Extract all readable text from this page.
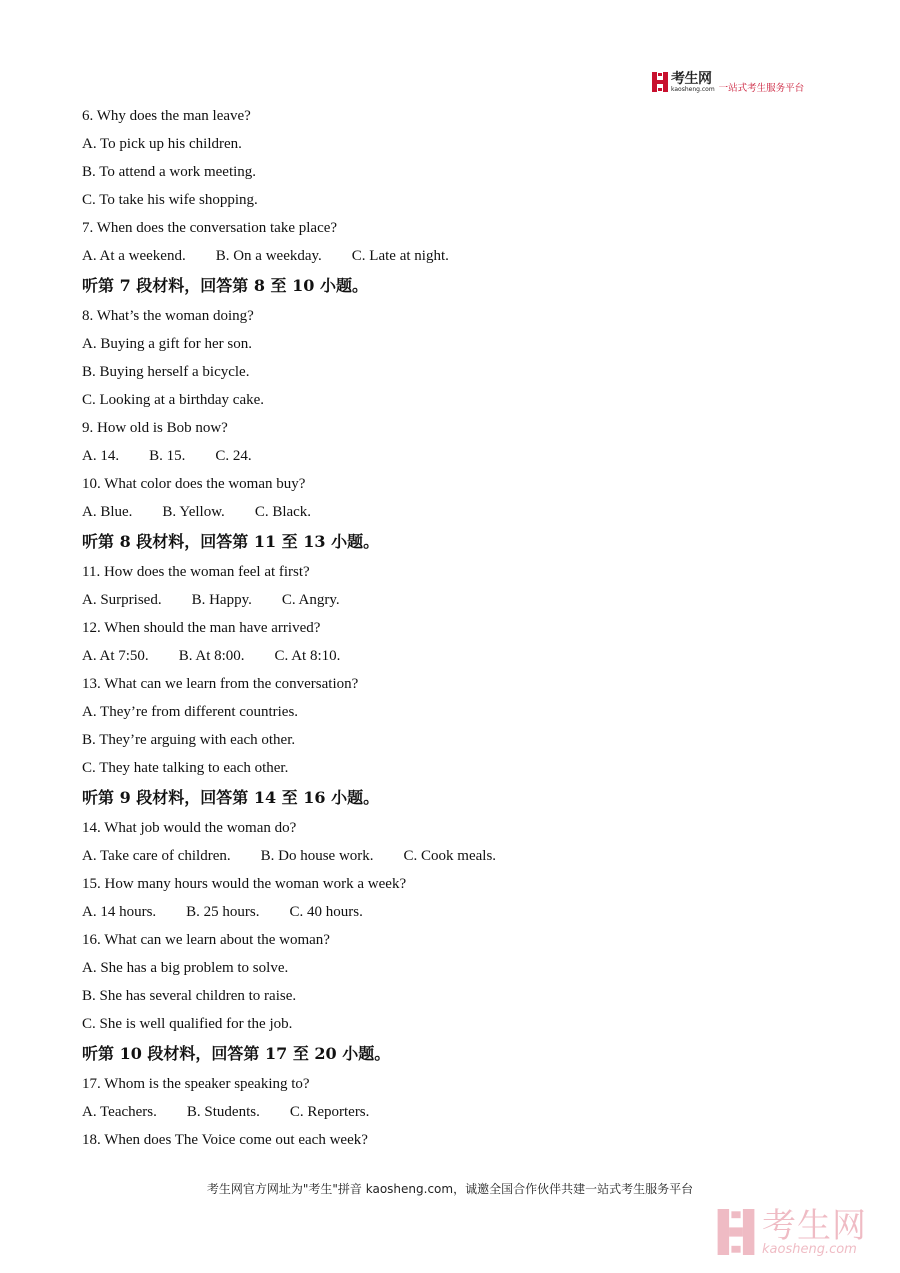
考生网
kaosheng.com 一站式考生服务平台
6. Why does the man leave?
A. To pick up his children.
B. To attend a work meeting.
C. To take his wife shopping.
7. When does the conversation take place?
A. At a weekend. B. On a weekday. C. Late at night.
听第 7 段材料，回答第 8 至 10 小题。
8. What’s the woman doing?
A. Buying a gift for her son.
B. Buying herself a bicycle.
C. Looking at a birthday cake.
9. How old is Bob now?
A. 14. B. 15. C. 24.
10. What color does the woman buy?
A. Blue. B. Yellow. C. Black.
听第 8 段材料，回答第 11 至 13 小题。
11. How does the woman feel at first?
A. Surprised. B. Happy. C. Angry.
12. When should the man have arrived?
A. At 7:50. B. At 8:00. C. At 8:10.
13. What can we learn from the conversation?
A. They’re from different countries.
B. They’re arguing with each other.
C. They hate talking to each other.
听第 9 段材料，回答第 14 至 16 小题。
14. What job would the woman do?
A. Take care of children. B. Do house work. C. Cook meals.
15. How many hours would the woman work a week?
A. 14 hours. B. 25 hours. C. 40 hours.
16. What can we learn about the woman?
A. She has a big problem to solve.
B. She has several children to raise.
C. She is well qualified for the job.
听第 10 段材料，回答第 17 至 20 小题。
17. Whom is the speaker speaking to?
A. Teachers. B. Students. C. Reporters.
18. When does The Voice come out each week?
考生网官方网址为"考生"拼音 kaosheng.com，诚邀全国合作伙伴共建一站式考生服务平台
考生网
kaosheng.com
